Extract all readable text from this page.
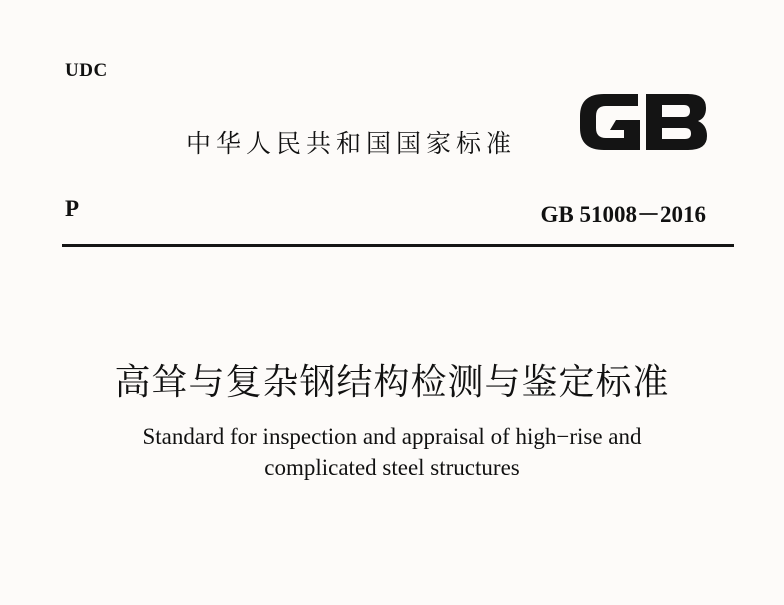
UDC
中华人民共和国国家标准
P	GB 51008－2016
高耸与复杂钢结构检测与鉴定标准
Standard for inspection and appraisal of high−rise and
complicated steel structures
